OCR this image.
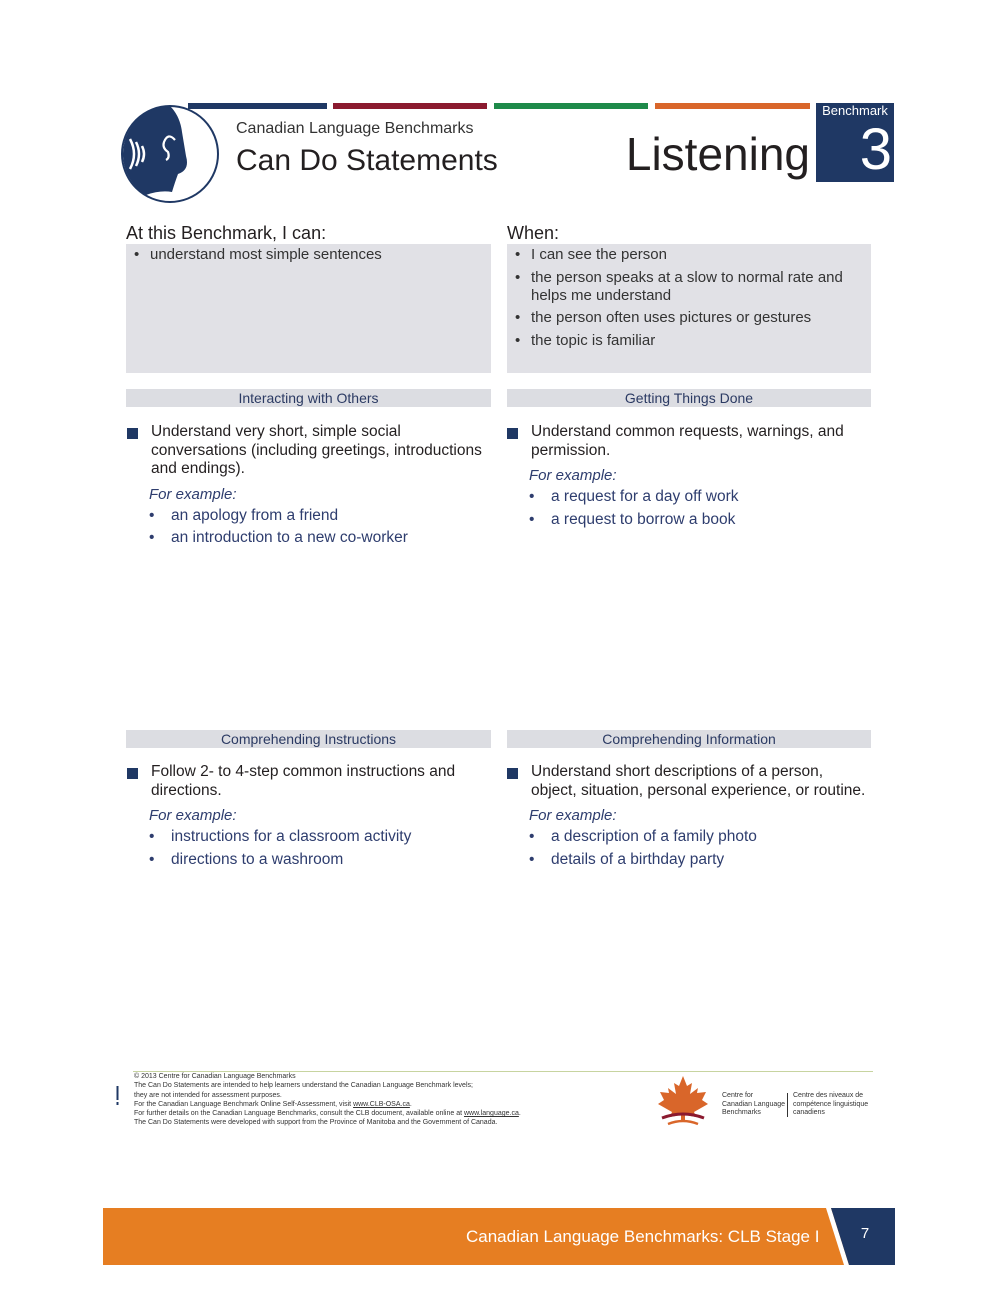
Canadian Language Benchmarks
Can Do Statements	Listening
Benchmark
3
At this Benchmark, I can:	When:
• understand most simple sentences
•	I can see the person
• the person speaks at a slow to normal rate and helps me understand
• the person often uses pictures or gestures
• the topic is familiar
Interacting with Others	Getting Things Done
Comprehending Instructions	Comprehending Information
Understand very short, simple social conversations (including greetings, introductions and endings).
For example:
• an apology from a friend
• an introduction to a new co-worker
Understand common requests, warnings, and permission.
For example:
• a request for a day off work
• a request to borrow a book
Follow 2- to 4-step common instructions and directions.
For example:
• instructions for a classroom activity
• directions to a washroom
Understand short descriptions of a person, object, situation, personal experience, or routine.
For example:
• a description of a family photo
• details of a birthday party
© 2013 Centre for Canadian Language Benchmarks
The Can Do Statements are intended to help learners understand the Canadian Language Benchmark levels;
they are not intended for assessment purposes.
For the Canadian Language Benchmark Online Self-Assessment, visit www.CLB-OSA.ca.
For further details on the Canadian Language Benchmarks, consult the CLB document, available online at www.language.ca.
The Can Do Statements were developed with support from the Province of Manitoba and the Government of Canada.
Centre for
Canadian Language
Benchmarks
Centre des niveaux de
compétence linguistique
canadiens
Canadian Language Benchmarks: CLB Stage I	7
